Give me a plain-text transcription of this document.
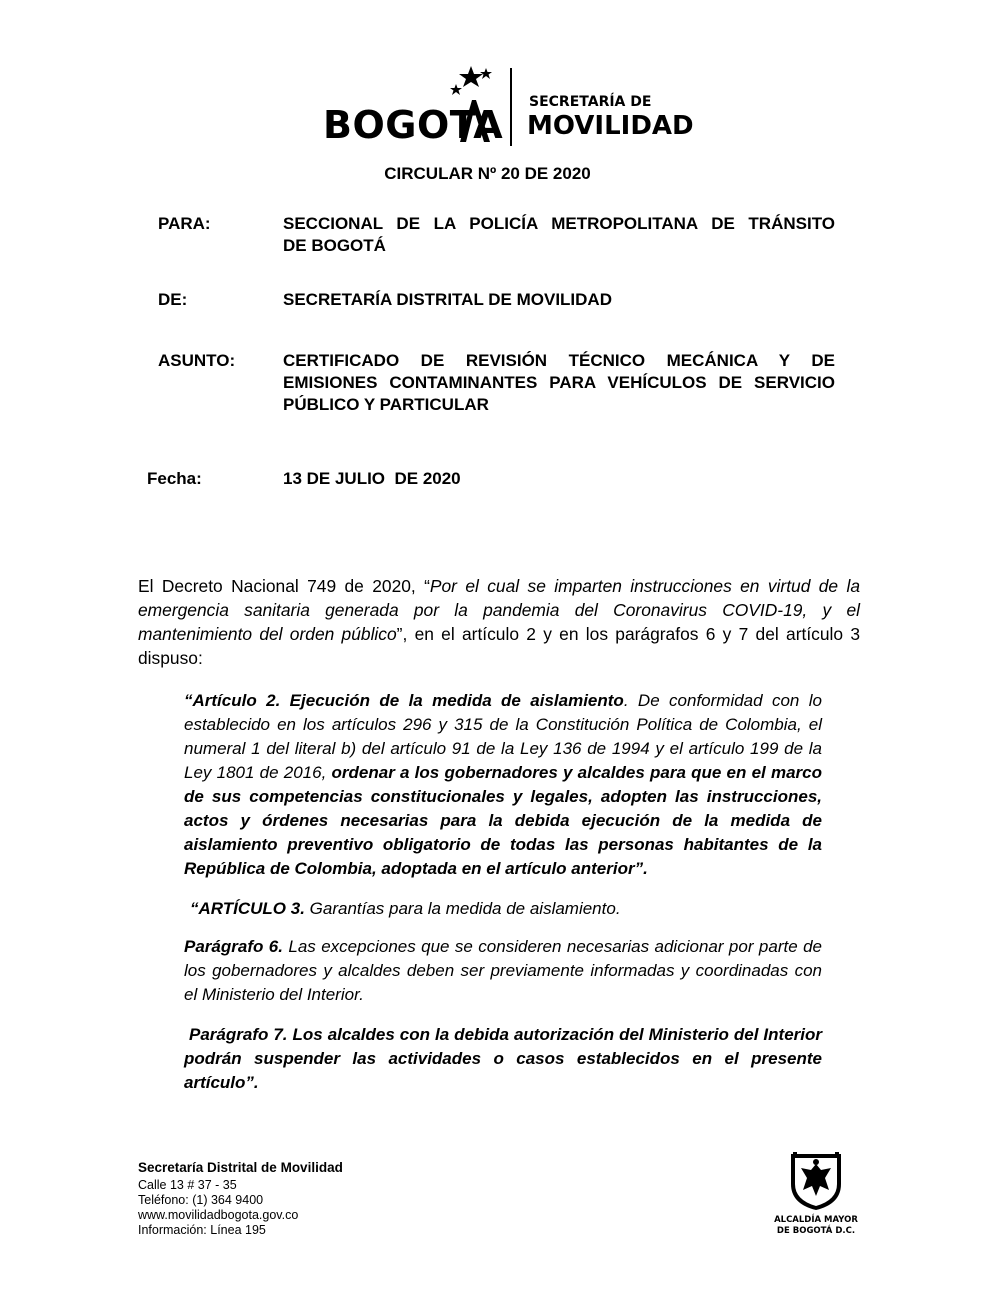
BOGOTA
SECRETARÍA DE
MOVILIDAD
CIRCULAR Nº 20 DE 2020
PARA:	SECCIONAL DE LA POLICÍA METROPOLITANA DE TRÁNSITO
DE BOGOTÁ
DE:	SECRETARÍA DISTRITAL DE MOVILIDAD
ASUNTO:	CERTIFICADO DE REVISIÓN TÉCNICO MECÁNICA Y DE
EMISIONES CONTAMINANTES PARA VEHÍCULOS DE SERVICIO
PÚBLICO Y PARTICULAR
Fecha:	13 DE JULIO  DE 2020
El Decreto Nacional 749 de 2020, “Por el cual se imparten instrucciones en virtud de la emergencia sanitaria generada por la pandemia del Coronavirus COVID-19, y el mantenimiento del orden público”, en el artículo 2 y en los parágrafos 6 y 7 del artículo 3 dispuso:
“Artículo 2. Ejecución de la medida de aislamiento. De conformidad con lo establecido en los artículos 296 y 315 de la Constitución Política de Colombia, el numeral 1 del literal b) del artículo 91 de la Ley 136 de 1994 y el artículo 199 de la Ley 1801 de 2016, ordenar a los gobernadores y alcaldes para que en el marco de sus competencias constitucionales y legales, adopten las instrucciones, actos y órdenes necesarias para la debida ejecución de la medida de aislamiento preventivo obligatorio de todas las personas habitantes de la República de Colombia, adoptada en el artículo anterior”.
“ARTÍCULO 3. Garantías para la medida de aislamiento.
Parágrafo 6. Las excepciones que se consideren necesarias adicionar por parte de los gobernadores y alcaldes deben ser previamente informadas y coordinadas con el Ministerio del Interior.
Parágrafo 7. Los alcaldes con la debida autorización del Ministerio del Interior podrán suspender las actividades o casos establecidos en el presente artículo”.
Secretaría Distrital de Movilidad
Calle 13 # 37 - 35
Teléfono: (1) 364 9400
www.movilidadbogota.gov.co
Información: Línea 195
ALCALDÍA MAYOR
DE BOGOTÁ D.C.
